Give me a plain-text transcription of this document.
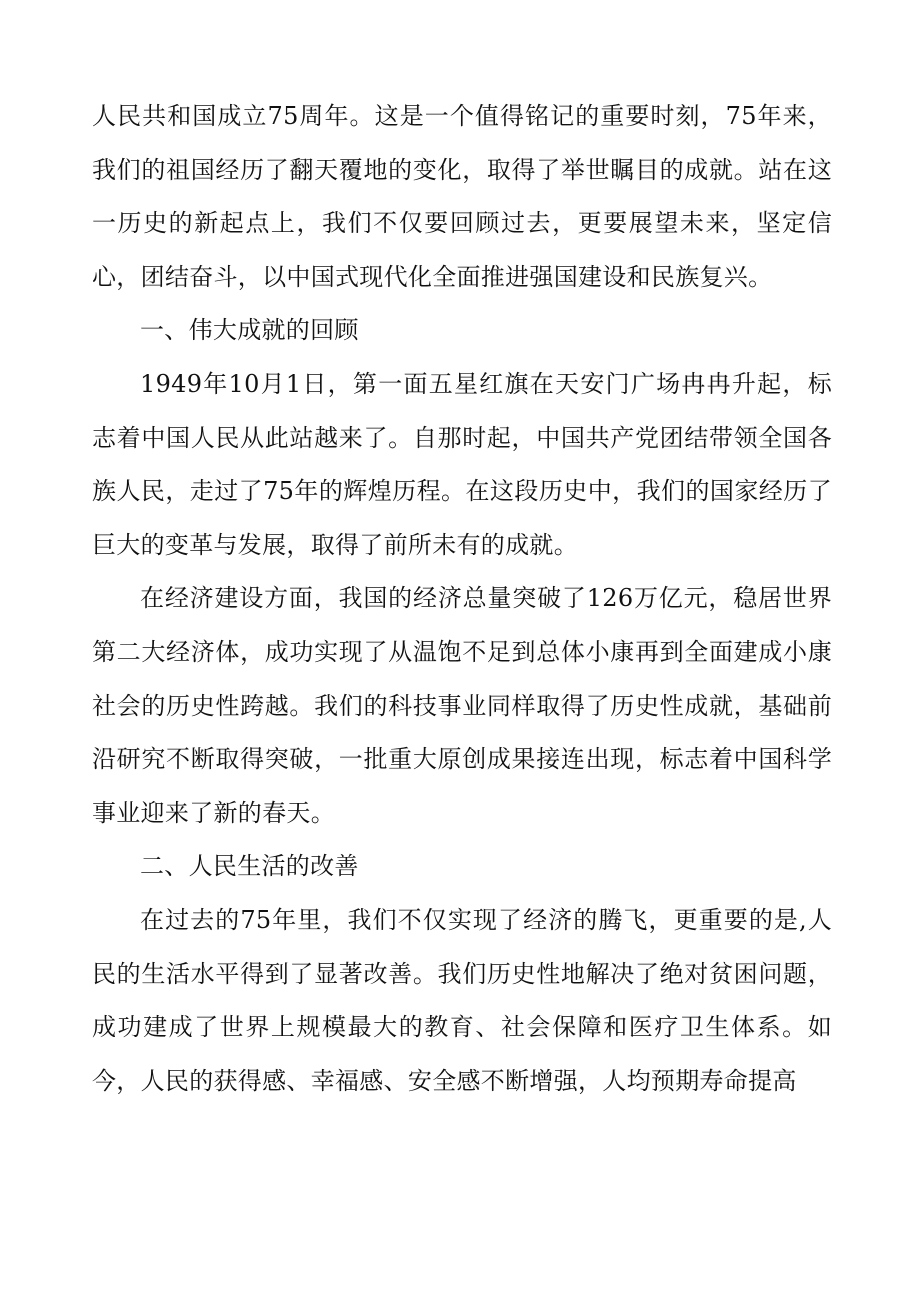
人民共和国成立75周年。这是一个值得铭记的重要时刻，75年来，我们的祖国经历了翻天覆地的变化，取得了举世瞩目的成就。站在这一历史的新起点上，我们不仅要回顾过去，更要展望未来，坚定信心，团结奋斗，以中国式现代化全面推进强国建设和民族复兴。

一、伟大成就的回顾

1949年10月1日，第一面五星红旗在天安门广场冉冉升起，标志着中国人民从此站越来了。自那时起，中国共产党团结带领全国各族人民，走过了75年的辉煌历程。在这段历史中，我们的国家经历了巨大的变革与发展，取得了前所未有的成就。

在经济建设方面，我国的经济总量突破了126万亿元，稳居世界第二大经济体，成功实现了从温饱不足到总体小康再到全面建成小康社会的历史性跨越。我们的科技事业同样取得了历史性成就，基础前沿研究不断取得突破，一批重大原创成果接连出现，标志着中国科学事业迎来了新的春天。

二、人民生活的改善

在过去的75年里，我们不仅实现了经济的腾飞，更重要的是,人民的生活水平得到了显著改善。我们历史性地解决了绝对贫困问题，成功建成了世界上规模最大的教育、社会保障和医疗卫生体系。如今，人民的获得感、幸福感、安全感不断增强，人均预期寿命提高
